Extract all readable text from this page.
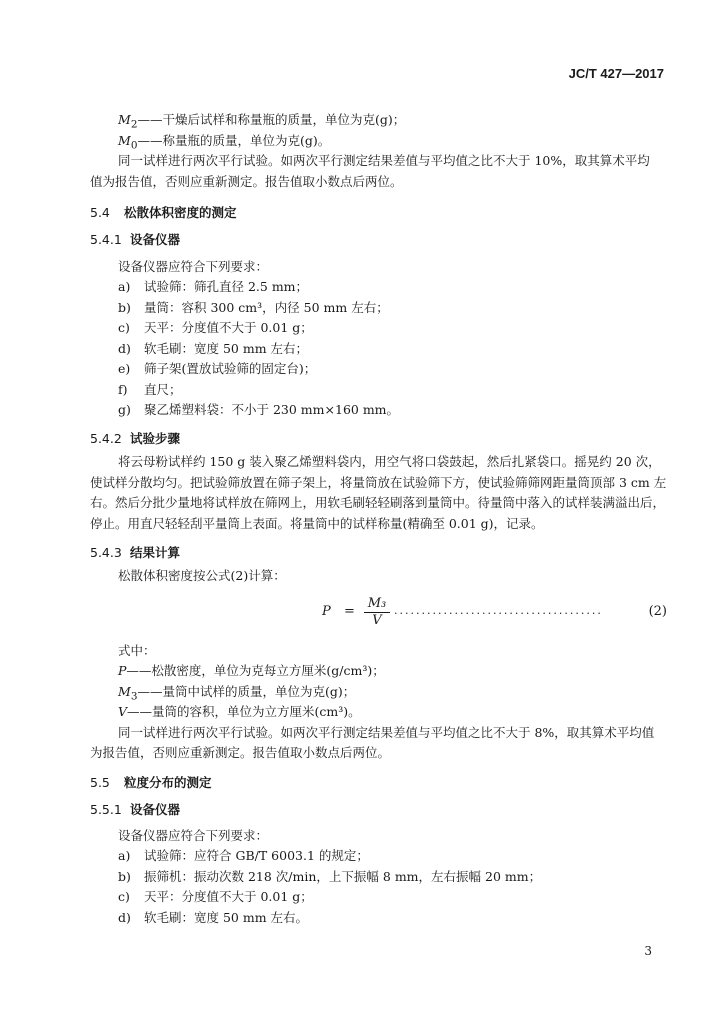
JC/T 427—2017
$M_2——$干燥后试样和称量瓶的质量，单位为克(g)；
$M_0——$称量瓶的质量，单位为克(g)。
同一试样进行两次平行试验。如两次平行测定结果差值与平均值之比不大于 10%，取其算术平均
值为报告值，否则应重新测定。报告值取小数点后两位。
5.4 松散体积密度的测定
5.4.1 设备仪器
设备仪器应符合下列要求：
a) 试验筛：筛孔直径 2.5 mm；
b) 量筒：容积 300 cm³，内径 50 mm 左右；
c) 天平：分度值不大于 0.01 g；
d) 软毛刷：宽度 50 mm 左右；
e) 筛子架(置放试验筛的固定台)；
f) 直尺；
g) 聚乙烯塑料袋：不小于 230 mm×160 mm。
5.4.2 试验步骤
将云母粉试样约 150 g 装入聚乙烯塑料袋内，用空气将口袋鼓起，然后扎紧袋口。摇晃约 20 次，
使试样分散均匀。把试验筛放置在筛子架上，将量筒放在试验筛下方，使试验筛筛网距量筒顶部 3 cm 左
右。然后分批少量地将试样放在筛网上，用软毛刷轻轻刷落到量筒中。待量筒中落入的试样装满溢出后，
停止。用直尺轻轻刮平量筒上表面。将量筒中的试样称量(精确至 0.01 g)，记录。
5.4.3 结果计算
松散体积密度按公式(2)计算：
$P = \frac{\text{M₃}}{V}$ ......................................	(2)
式中：
P——松散密度，单位为克每立方厘米(g/cm³)；
$M_3——$量筒中试样的质量，单位为克(g)；
V——量筒的容积，单位为立方厘米(cm³)。
同一试样进行两次平行试验。如两次平行测定结果差值与平均值之比不大于 8%，取其算术平均值
为报告值，否则应重新测定。报告值取小数点后两位。
5.5 粒度分布的测定
5.5.1 设备仪器
设备仪器应符合下列要求：
a) 试验筛：应符合 GB/T 6003.1 的规定；
b) 振筛机：振动次数 218 次/min，上下振幅 8 mm，左右振幅 20 mm；
c) 天平：分度值不大于 0.01 g；
d) 软毛刷：宽度 50 mm 左右。
3
